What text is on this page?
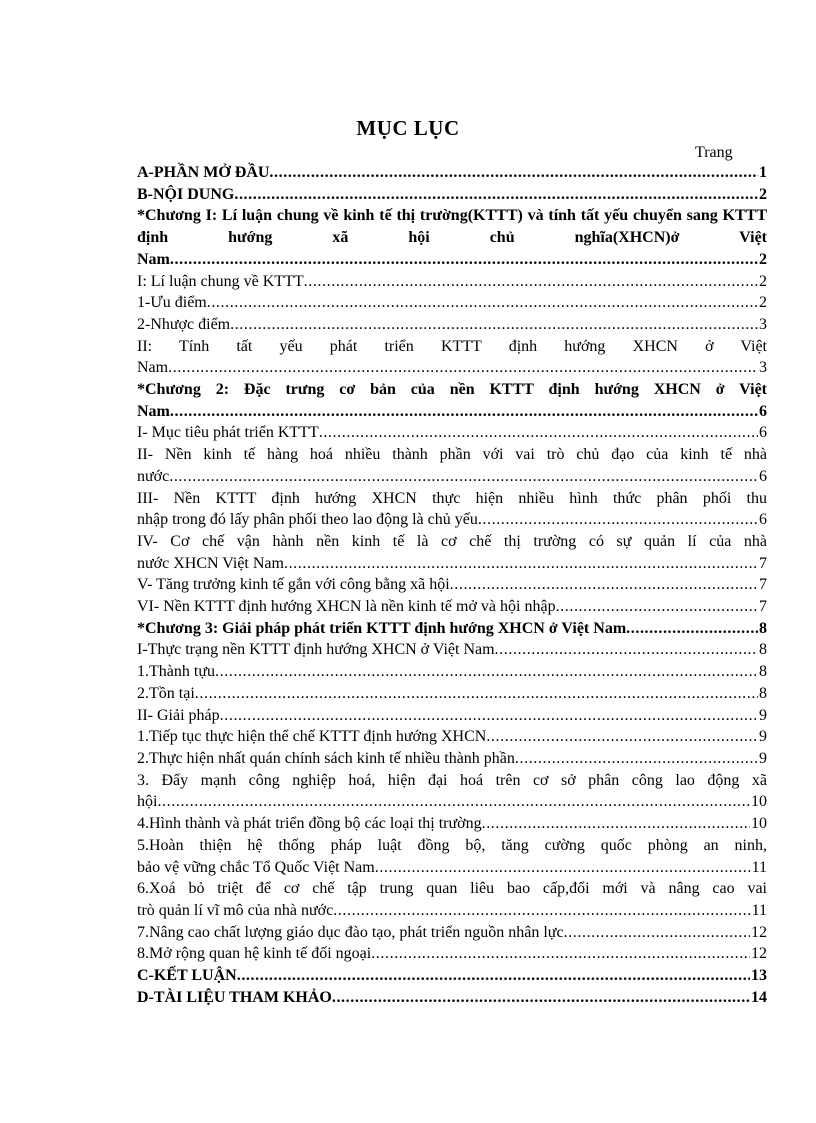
MỤC LỤC
Trang
A-PHẦN MỞ ĐẦU .....	1
B-NỘI DUNG .....	2
*Chương I: Lí luận chung về kinh tế thị trường(KTTT) và tính tất yếu chuyển sang KTTT định hướng xã hội chủ nghĩa(XHCN)ở Việt
Nam .....	2
I: Lí luận chung về KTTT .....	2
1-Ưu điểm .....	2
2-Nhược điểm .....	3
II: Tính tất yếu phát triển KTTT định hướng XHCN ở Việt
Nam .....	3
*Chương 2: Đặc trưng cơ bản của nền KTTT định hướng XHCN ở Việt
Nam .....	6
I- Mục tiêu phát triển KTTT .....	6
II- Nền kinh tế hàng hoá nhiều thành phần với vai trò chủ đạo của kinh tế nhà
nước .....	6
III- Nền KTTT định hướng XHCN thực hiện nhiều hình thức phân phối thu
nhập trong đó lấy phân phối theo lao động là chủ yếu .....	6
IV- Cơ chế vận hành nền kinh tế là cơ chế thị trường có sự quản lí của nhà
nước XHCN Việt Nam .....	7
V- Tăng trưởng kinh tế gắn với công bằng xã hội .....	7
VI- Nền KTTT định hướng XHCN là nền kinh tế mở và hội nhập .....	7
*Chương 3: Giải pháp phát triển KTTT định hướng XHCN ở Việt Nam .....	8
I-Thực trạng nền KTTT định hướng XHCN ở Việt Nam .....	8
1.Thành tựu .....	8
2.Tồn tại .....	8
II- Giải pháp .....	9
1.Tiếp tục thực hiện thể chế KTTT định hướng XHCN .....	9
2.Thực hiện nhất quán chính sách kinh tế nhiều thành phần .....	9
3. Đẩy mạnh công nghiệp hoá, hiện đại hoá trên cơ sở phân công lao động xã
hội .....	10
4.Hình thành và phát triển đồng bộ các loại thị trường .....	10
5.Hoàn thiện hệ thống pháp luật đồng bộ, tăng cường quốc phòng an ninh,
bảo vệ vững chắc Tổ Quốc Việt Nam .....	11
6.Xoá bỏ triệt để cơ chế tập trung quan liêu bao cấp,đổi mới và nâng cao vai
trò quản lí vĩ mô của nhà nước .....	11
7.Nâng cao chất lượng giáo dục đào tạo, phát triển nguồn nhân lực .....	12
8.Mở rộng quan hệ kinh tế đối ngoại .....	12
C-KẾT LUẬN .....	13
D-TÀI LIỆU THAM KHẢO .....	14
